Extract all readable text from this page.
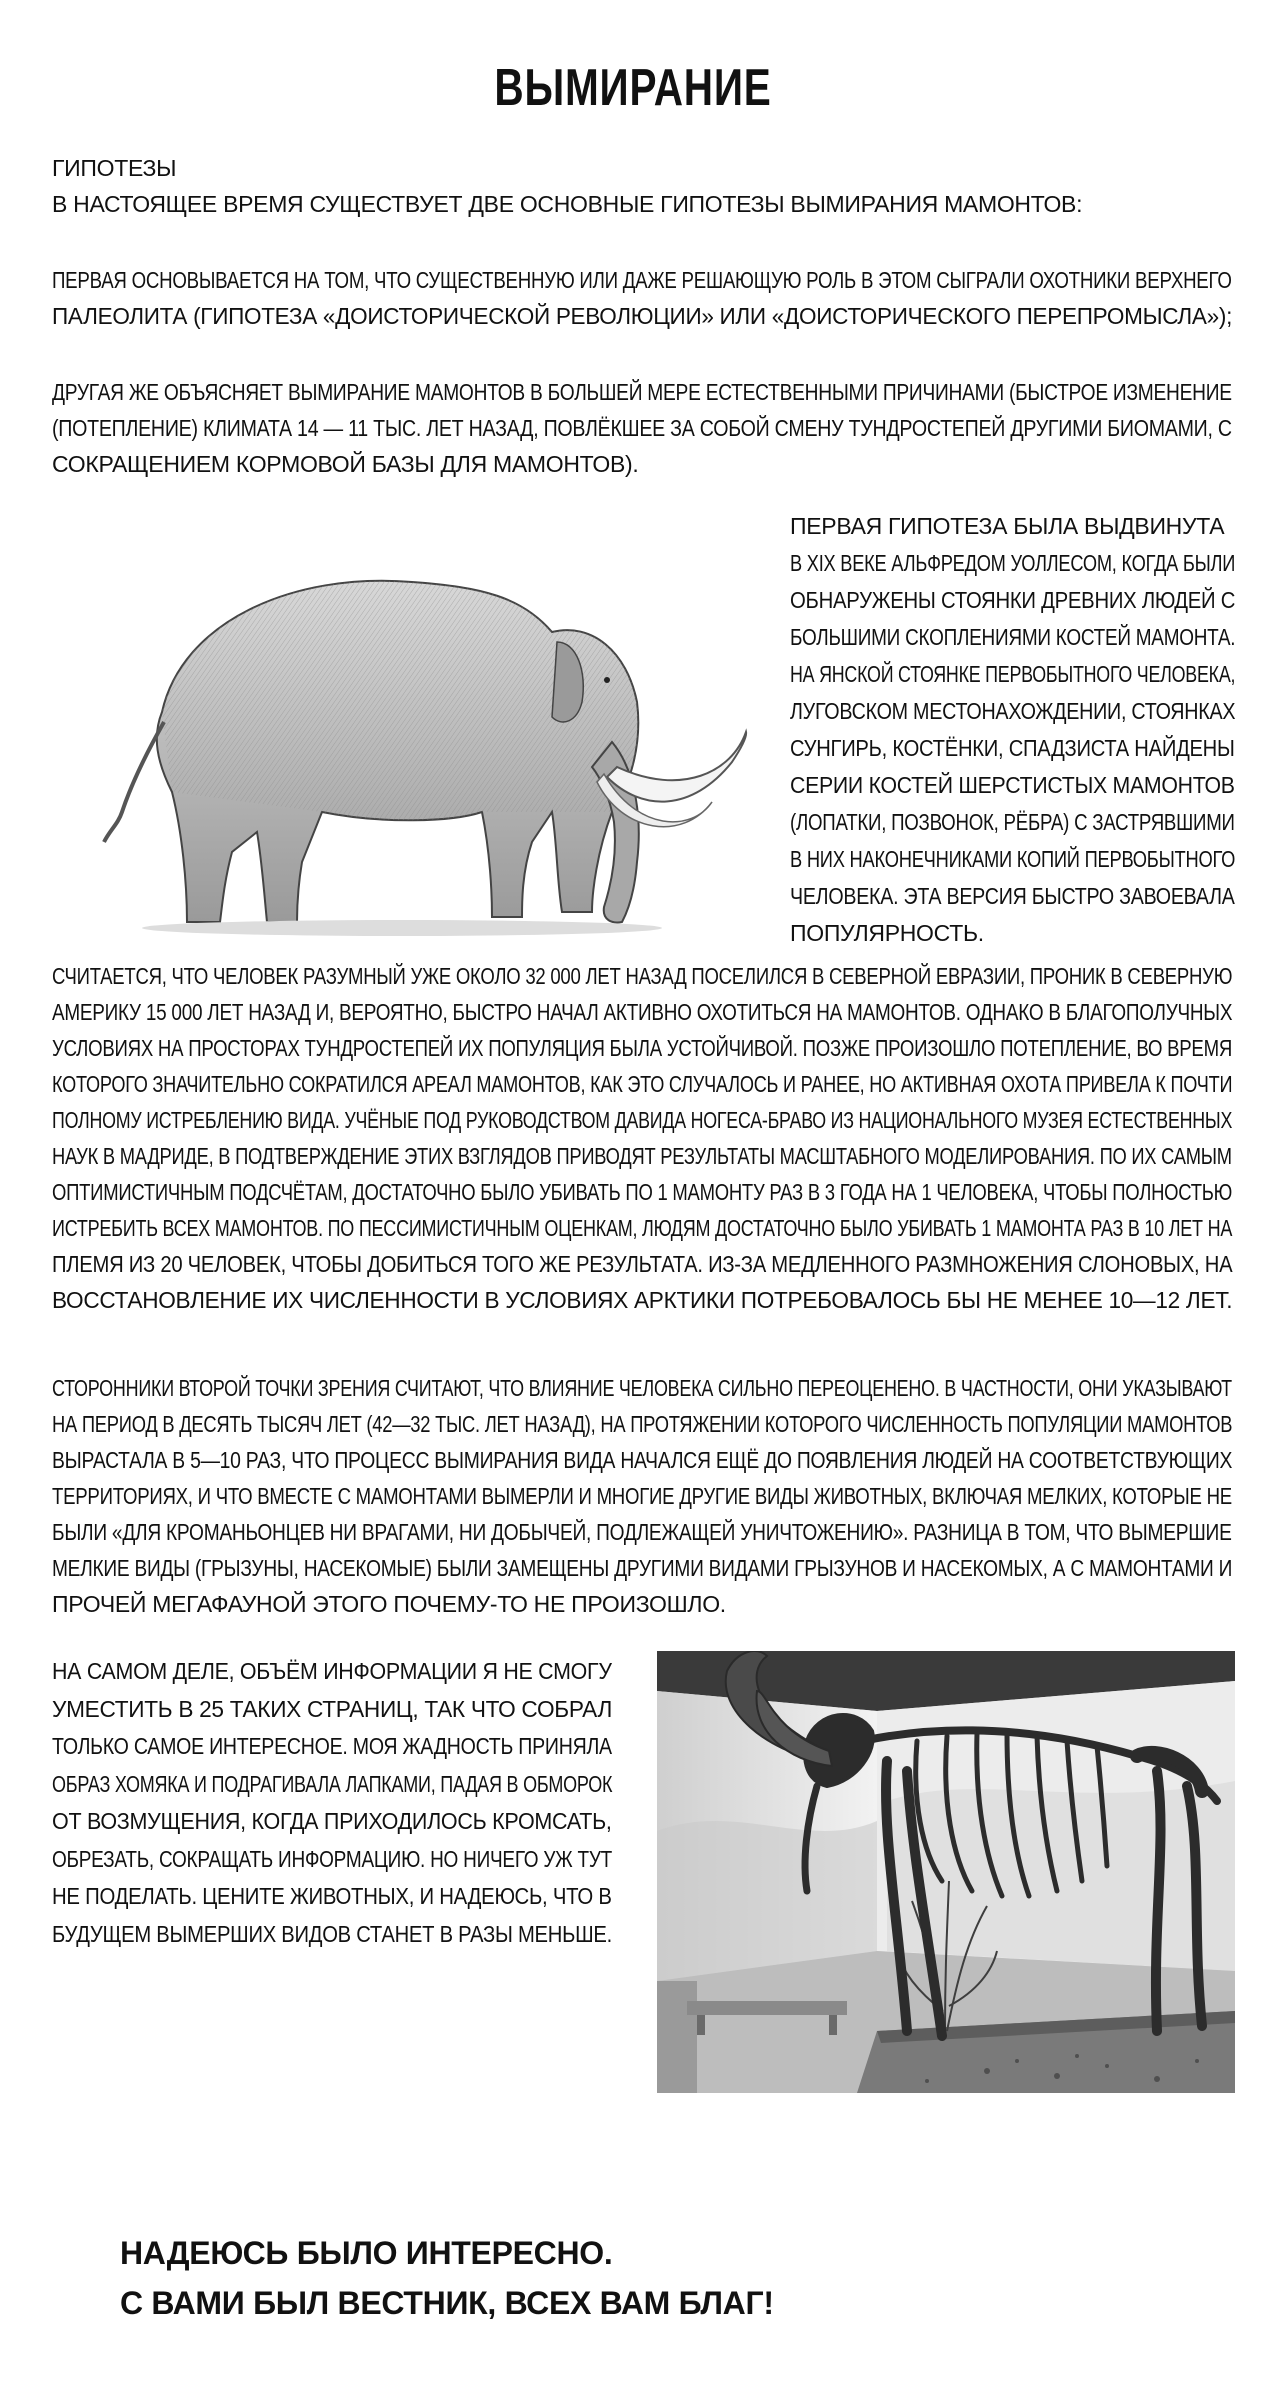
ВЫМИРАНИЕ
ГИПОТЕЗЫ
В НАСТОЯЩЕЕ ВРЕМЯ СУЩЕСТВУЕТ ДВЕ ОСНОВНЫЕ ГИПОТЕЗЫ ВЫМИРАНИЯ МАМОНТОВ:
ПЕРВАЯ ОСНОВЫВАЕТСЯ НА ТОМ, ЧТО СУЩЕСТВЕННУЮ ИЛИ ДАЖЕ РЕШАЮЩУЮ РОЛЬ В ЭТОМ СЫГРАЛИ ОХОТНИКИ ВЕРХНЕГО
ПАЛЕОЛИТА (ГИПОТЕЗА «ДОИСТОРИЧЕСКОЙ РЕВОЛЮЦИИ» ИЛИ «ДОИСТОРИЧЕСКОГО ПЕРЕПРОМЫСЛА»);
ДРУГАЯ ЖЕ ОБЪЯСНЯЕТ ВЫМИРАНИЕ МАМОНТОВ В БОЛЬШЕЙ МЕРЕ ЕСТЕСТВЕННЫМИ ПРИЧИНАМИ (БЫСТРОЕ ИЗМЕНЕНИЕ
(ПОТЕПЛЕНИЕ) КЛИМАТА 14 — 11 ТЫС. ЛЕТ НАЗАД, ПОВЛЁКШЕЕ ЗА СОБОЙ СМЕНУ ТУНДРОСТЕПЕЙ ДРУГИМИ БИОМАМИ, С
СОКРАЩЕНИЕМ КОРМОВОЙ БАЗЫ ДЛЯ МАМОНТОВ).
ПЕРВАЯ ГИПОТЕЗА БЫЛА ВЫДВИНУТА
В XIX ВЕКЕ АЛЬФРЕДОМ УОЛЛЕСОМ, КОГДА БЫЛИ
ОБНАРУЖЕНЫ СТОЯНКИ ДРЕВНИХ ЛЮДЕЙ С
БОЛЬШИМИ СКОПЛЕНИЯМИ КОСТЕЙ МАМОНТА.
НА ЯНСКОЙ СТОЯНКЕ ПЕРВОБЫТНОГО ЧЕЛОВЕКА,
ЛУГОВСКОМ МЕСТОНАХОЖДЕНИИ, СТОЯНКАХ
СУНГИРЬ, КОСТЁНКИ, СПАДЗИСТА НАЙДЕНЫ
СЕРИИ КОСТЕЙ ШЕРСТИСТЫХ МАМОНТОВ
(ЛОПАТКИ, ПОЗВОНОК, РЁБРА) С ЗАСТРЯВШИМИ
В НИХ НАКОНЕЧНИКАМИ КОПИЙ ПЕРВОБЫТНОГО
ЧЕЛОВЕКА. ЭТА ВЕРСИЯ БЫСТРО ЗАВОЕВАЛА
ПОПУЛЯРНОСТЬ.
СЧИТАЕТСЯ, ЧТО ЧЕЛОВЕК РАЗУМНЫЙ УЖЕ ОКОЛО 32 000 ЛЕТ НАЗАД ПОСЕЛИЛСЯ В СЕВЕРНОЙ ЕВРАЗИИ, ПРОНИК В СЕВЕРНУЮ
АМЕРИКУ 15 000 ЛЕТ НАЗАД И, ВЕРОЯТНО, БЫСТРО НАЧАЛ АКТИВНО ОХОТИТЬСЯ НА МАМОНТОВ. ОДНАКО В БЛАГОПОЛУЧНЫХ
УСЛОВИЯХ НА ПРОСТОРАХ ТУНДРОСТЕПЕЙ ИХ ПОПУЛЯЦИЯ БЫЛА УСТОЙЧИВОЙ. ПОЗЖЕ ПРОИЗОШЛО ПОТЕПЛЕНИЕ, ВО ВРЕМЯ
КОТОРОГО ЗНАЧИТЕЛЬНО СОКРАТИЛСЯ АРЕАЛ МАМОНТОВ, КАК ЭТО СЛУЧАЛОСЬ И РАНЕЕ, НО АКТИВНАЯ ОХОТА ПРИВЕЛА К ПОЧТИ
ПОЛНОМУ ИСТРЕБЛЕНИЮ ВИДА. УЧЁНЫЕ ПОД РУКОВОДСТВОМ ДАВИДА НОГЕСА-БРАВО ИЗ НАЦИОНАЛЬНОГО МУЗЕЯ ЕСТЕСТВЕННЫХ
НАУК В МАДРИДЕ, В ПОДТВЕРЖДЕНИЕ ЭТИХ ВЗГЛЯДОВ ПРИВОДЯТ РЕЗУЛЬТАТЫ МАСШТАБНОГО МОДЕЛИРОВАНИЯ. ПО ИХ САМЫМ
ОПТИМИСТИЧНЫМ ПОДСЧЁТАМ, ДОСТАТОЧНО БЫЛО УБИВАТЬ ПО 1 МАМОНТУ РАЗ В 3 ГОДА НА 1 ЧЕЛОВЕКА, ЧТОБЫ ПОЛНОСТЬЮ
ИСТРЕБИТЬ ВСЕХ МАМОНТОВ. ПО ПЕССИМИСТИЧНЫМ ОЦЕНКАМ, ЛЮДЯМ ДОСТАТОЧНО БЫЛО УБИВАТЬ 1 МАМОНТА РАЗ В 10 ЛЕТ НА
ПЛЕМЯ ИЗ 20 ЧЕЛОВЕК, ЧТОБЫ ДОБИТЬСЯ ТОГО ЖЕ РЕЗУЛЬТАТА. ИЗ-ЗА МЕДЛЕННОГО РАЗМНОЖЕНИЯ СЛОНОВЫХ, НА
ВОССТАНОВЛЕНИЕ ИХ ЧИСЛЕННОСТИ В УСЛОВИЯХ АРКТИКИ ПОТРЕБОВАЛОСЬ БЫ НЕ МЕНЕЕ 10—12 ЛЕТ.
СТОРОННИКИ ВТОРОЙ ТОЧКИ ЗРЕНИЯ СЧИТАЮТ, ЧТО ВЛИЯНИЕ ЧЕЛОВЕКА СИЛЬНО ПЕРЕОЦЕНЕНО. В ЧАСТНОСТИ, ОНИ УКАЗЫВАЮТ
НА ПЕРИОД В ДЕСЯТЬ ТЫСЯЧ ЛЕТ (42—32 ТЫС. ЛЕТ НАЗАД), НА ПРОТЯЖЕНИИ КОТОРОГО ЧИСЛЕННОСТЬ ПОПУЛЯЦИИ МАМОНТОВ
ВЫРАСТАЛА В 5—10 РАЗ, ЧТО ПРОЦЕСС ВЫМИРАНИЯ ВИДА НАЧАЛСЯ ЕЩЁ ДО ПОЯВЛЕНИЯ ЛЮДЕЙ НА СООТВЕТСТВУЮЩИХ
ТЕРРИТОРИЯХ, И ЧТО ВМЕСТЕ С МАМОНТАМИ ВЫМЕРЛИ И МНОГИЕ ДРУГИЕ ВИДЫ ЖИВОТНЫХ, ВКЛЮЧАЯ МЕЛКИХ, КОТОРЫЕ НЕ
БЫЛИ «ДЛЯ КРОМАНЬОНЦЕВ НИ ВРАГАМИ, НИ ДОБЫЧЕЙ, ПОДЛЕЖАЩЕЙ УНИЧТОЖЕНИЮ». РАЗНИЦА В ТОМ, ЧТО ВЫМЕРШИЕ
МЕЛКИЕ ВИДЫ (ГРЫЗУНЫ, НАСЕКОМЫЕ) БЫЛИ ЗАМЕЩЕНЫ ДРУГИМИ ВИДАМИ ГРЫЗУНОВ И НАСЕКОМЫХ, А С МАМОНТАМИ И
ПРОЧЕЙ МЕГАФАУНОЙ ЭТОГО ПОЧЕМУ-ТО НЕ ПРОИЗОШЛО.
НА САМОМ ДЕЛЕ, ОБЪЁМ ИНФОРМАЦИИ Я НЕ СМОГУ
УМЕСТИТЬ В 25 ТАКИХ СТРАНИЦ, ТАК ЧТО СОБРАЛ
ТОЛЬКО САМОЕ ИНТЕРЕСНОЕ. МОЯ ЖАДНОСТЬ ПРИНЯЛА
ОБРАЗ ХОМЯКА И ПОДРАГИВАЛА ЛАПКАМИ, ПАДАЯ В ОБМОРОК
ОТ ВОЗМУЩЕНИЯ, КОГДА ПРИХОДИЛОСЬ КРОМСАТЬ,
ОБРЕЗАТЬ, СОКРАЩАТЬ ИНФОРМАЦИЮ. НО НИЧЕГО УЖ ТУТ
НЕ ПОДЕЛАТЬ. ЦЕНИТЕ ЖИВОТНЫХ, И НАДЕЮСЬ, ЧТО В
БУДУЩЕМ ВЫМЕРШИХ ВИДОВ СТАНЕТ В РАЗЫ МЕНЬШЕ.
НАДЕЮСЬ БЫЛО ИНТЕРЕСНО.
С ВАМИ БЫЛ ВЕСТНИК, ВСЕХ ВАМ БЛАГ!
